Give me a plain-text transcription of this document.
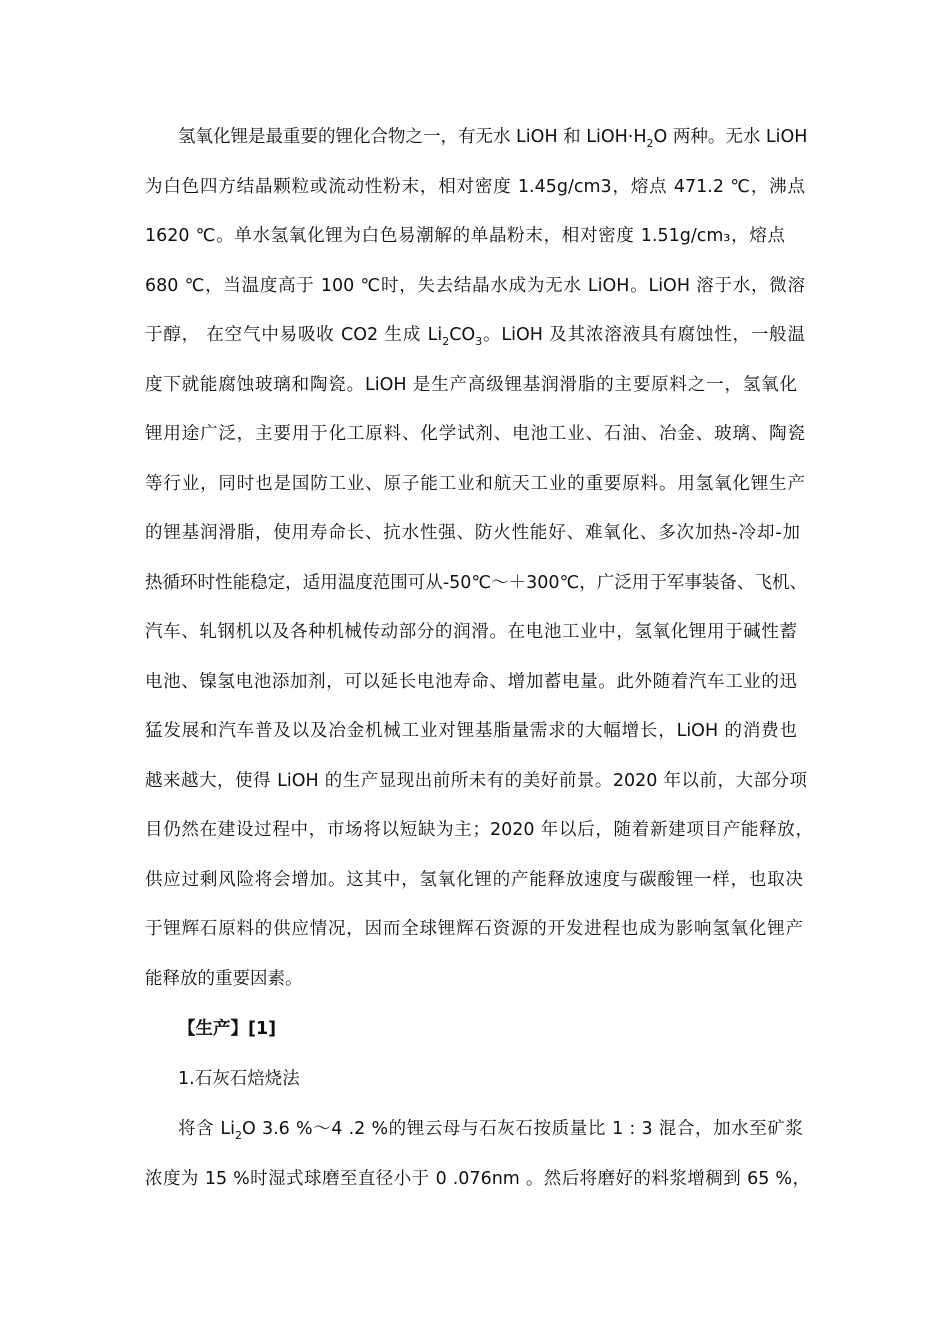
氢氧化锂是最重要的锂化合物之一，有无水 LiOH 和 $LiOH\cdot H_2O$ 两种。无水 LiOH
为白色四方结晶颗粒或流动性粉末，相对密度 1.45g/cm3，熔点 471.2 ℃，沸点
1620 ℃。单水氢氧化锂为白色易潮解的单晶粉末，相对密度 1.51g/cm₃，熔点
680 ℃，当温度高于 100 ℃时，失去结晶水成为无水 LiOH。LiOH 溶于水，微溶
于醇， 在空气中易吸收 CO2 生成 $Li_2CO_3$。LiOH 及其浓溶液具有腐蚀性，一般温
度下就能腐蚀玻璃和陶瓷。LiOH 是生产高级锂基润滑脂的主要原料之一，氢氧化
锂用途广泛，主要用于化工原料、化学试剂、电池工业、石油、冶金、玻璃、陶瓷
等行业，同时也是国防工业、原子能工业和航天工业的重要原料。用氢氧化锂生产
的锂基润滑脂，使用寿命长、抗水性强、防火性能好、难氧化、多次加热-冷却-加
热循环时性能稳定，适用温度范围可从-50℃～＋300℃，广泛用于军事装备、飞机、
汽车、轧钢机以及各种机械传动部分的润滑。在电池工业中，氢氧化锂用于碱性蓄
电池、镍氢电池添加剂，可以延长电池寿命、增加蓄电量。此外随着汽车工业的迅
猛发展和汽车普及以及冶金机械工业对锂基脂量需求的大幅增长，LiOH 的消费也
越来越大，使得 LiOH 的生产显现出前所未有的美好前景。2020 年以前，大部分项
目仍然在建设过程中，市场将以短缺为主；2020 年以后，随着新建项目产能释放，
供应过剩风险将会增加。这其中，氢氧化锂的产能释放速度与碳酸锂一样，也取决
于锂辉石原料的供应情况，因而全球锂辉石资源的开发进程也成为影响氢氧化锂产
能释放的重要因素。
【生产】[1]
1.石灰石焙烧法
将含 $Li_2O$ 3.6 %～4 .2 %的锂云母与石灰石按质量比 1 : 3 混合，加水至矿浆
浓度为 15 %时湿式球磨至直径小于 0 .076nm 。然后将磨好的料浆增稠到 65 %，
